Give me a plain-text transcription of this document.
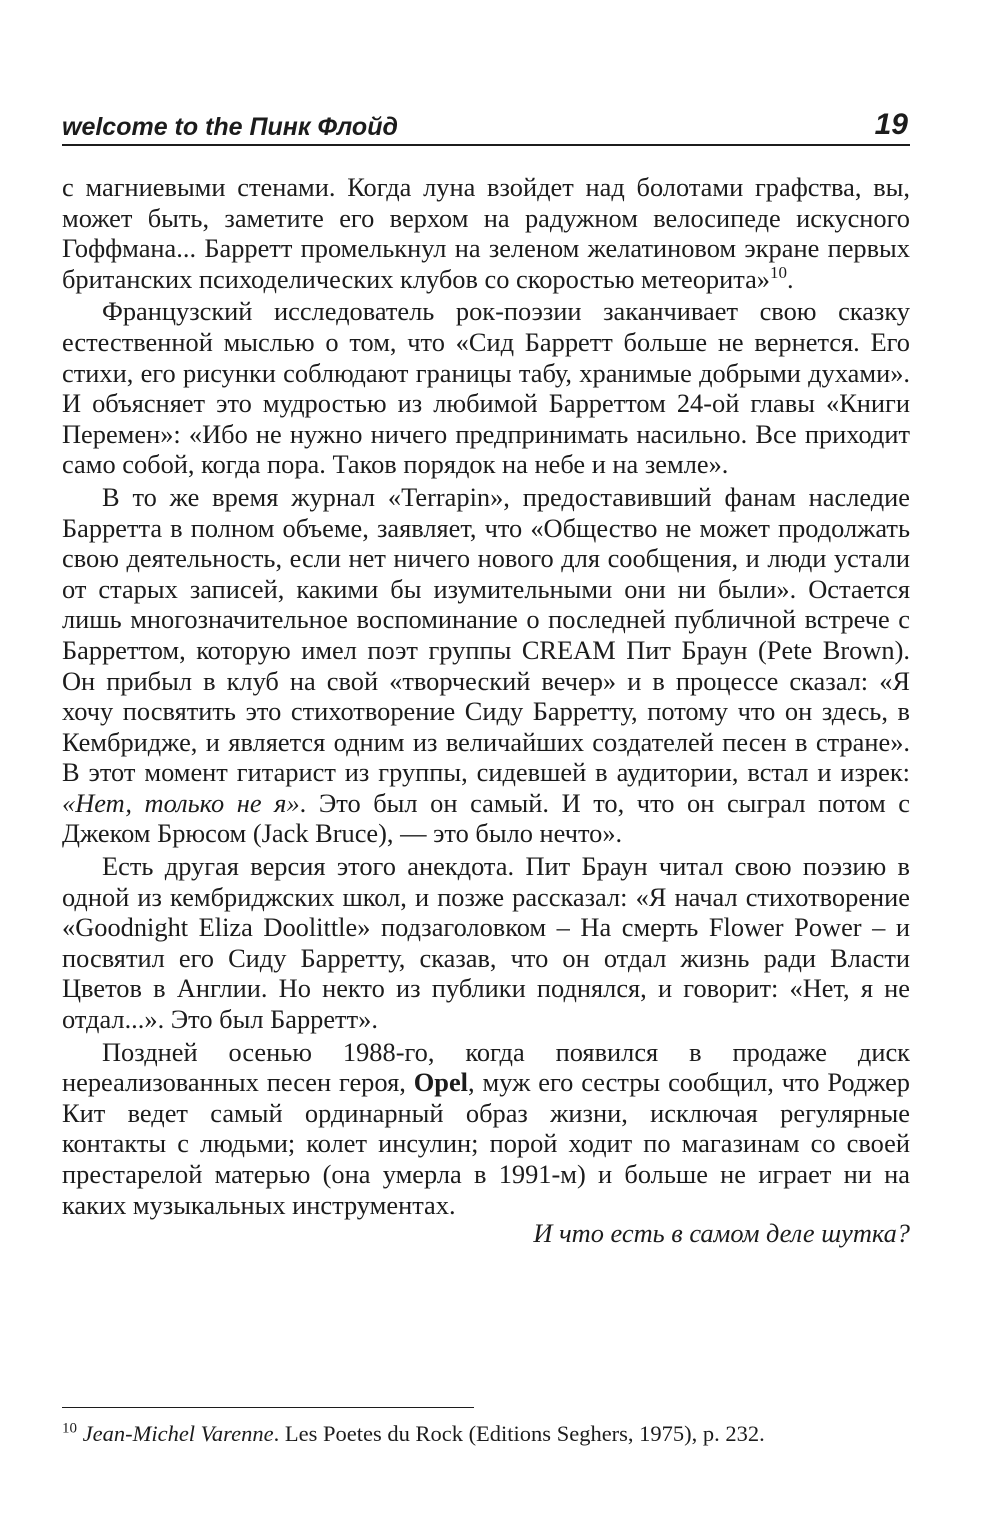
welcome to the Пинк Флойд	19

с магниевыми стенами. Когда луна взойдет над болотами графства, вы, может быть, заметите его верхом на радужном велосипеде искусного Гоффмана... Барретт промелькнул на зеленом желатиновом экране первых британских психоделических клубов со скоростью метеорита»$^{10}$.

Французский исследователь рок-поэзии заканчивает свою сказку естественной мыслью о том, что «Сид Барретт больше не вернется. Его стихи, его рисунки соблюдают границы табу, хранимые добрыми духами». И объясняет это мудростью из любимой Барреттом 24-ой главы «Книги Перемен»: «Ибо не нужно ничего предпринимать насильно. Все приходит само собой, когда пора. Таков порядок на небе и на земле».

В то же время журнал «Terrapin», предоставивший фанам наследие Барретта в полном объеме, заявляет, что «Общество не может продолжать свою деятельность, если нет ничего нового для сообщения, и люди устали от старых записей, какими бы изумительными они ни были». Остается лишь многозначительное воспоминание о последней публичной встрече с Барреттом, которую имел поэт группы CREAM Пит Браун (Pete Brown). Он прибыл в клуб на свой «творческий вечер» и в процессе сказал: «Я хочу посвятить это стихотворение Сиду Барретту, потому что он здесь, в Кембридже, и является одним из величайших создателей песен в стране». В этот момент гитарист из группы, сидевшей в аудитории, встал и изрек: «Нет, только не я». Это был он самый. И то, что он сыграл потом с Джеком Брюсом (Jack Bruce), — это было нечто».

Есть другая версия этого анекдота. Пит Браун читал свою поэзию в одной из кембриджских школ, и позже рассказал: «Я начал стихотворение «Goodnight Eliza Doolittle» подзаголовком – На смерть Flower Power – и посвятил его Сиду Барретту, сказав, что он отдал жизнь ради Власти Цветов в Англии. Но некто из публики поднялся, и говорит: «Нет, я не отдал...». Это был Барретт».

Поздней осенью 1988-го, когда появился в продаже диск нереализованных песен героя, Opel, муж его сестры сообщил, что Роджер Кит ведет самый ординарный образ жизни, исключая регулярные контакты с людьми; колет инсулин; порой ходит по магазинам со своей престарелой матерью (она умерла в 1991-м) и больше не играет ни на каких музыкальных инструментах.

И что есть в самом деле шутка?
$^{10}$ Jean-Michel Varenne. Les Poetes du Rock (Editions Seghers, 1975), p. 232.
